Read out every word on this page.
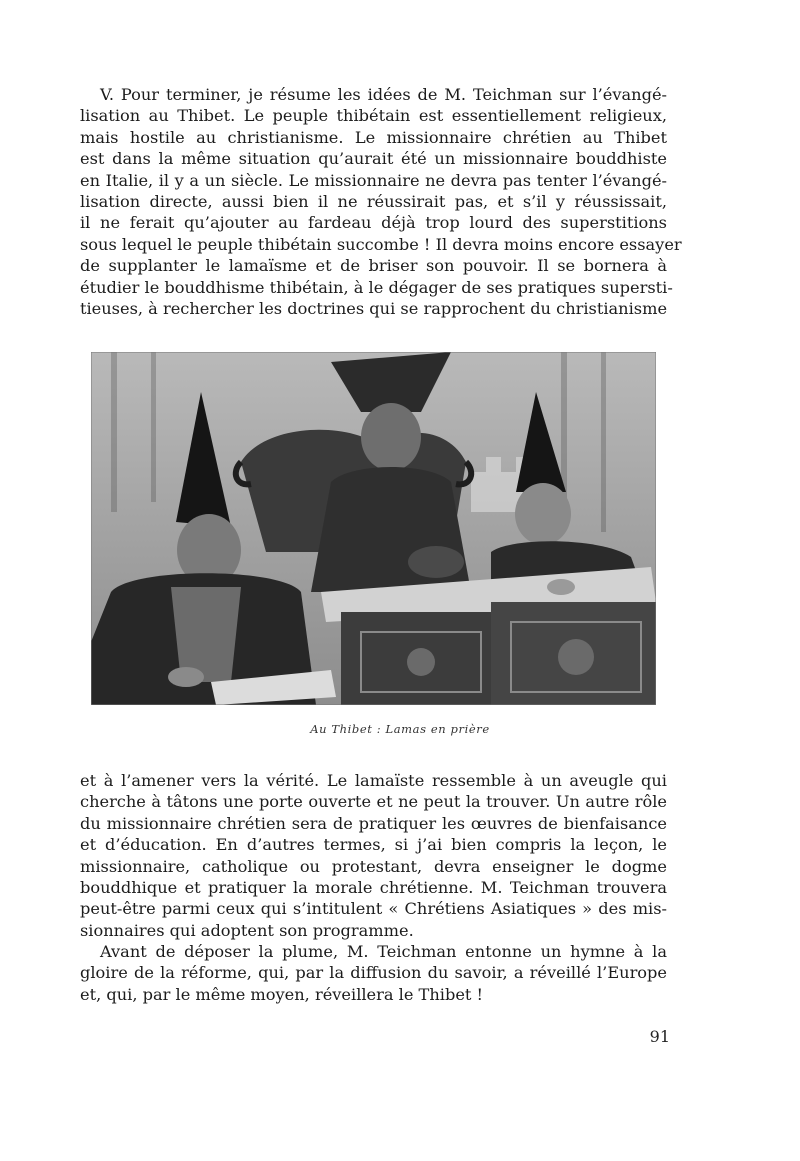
V. Pour terminer, je résume les idées de M. Teichman sur l’évangé-
lisation au Thibet. Le peuple thibétain est essentiellement religieux,
mais hostile au christianisme. Le missionnaire chrétien au Thibet
est dans la même situation qu’aurait été un missionnaire bouddhiste
en Italie, il y a un siècle. Le missionnaire ne devra pas tenter l’évangé-
lisation directe, aussi bien il ne réussirait pas, et s’il y réussissait,
il ne ferait qu’ajouter au fardeau déjà trop lourd des superstitions
sous lequel le peuple thibétain succombe ! Il devra moins encore essayer
de supplanter le lamaïsme et de briser son pouvoir. Il se bornera à
étudier le bouddhisme thibétain, à le dégager de ses pratiques supersti-
tieuses, à rechercher les doctrines qui se rapprochent du christianisme

Au Thibet : Lamas en prière

et à l’amener vers la vérité. Le lamaïste ressemble à un aveugle qui
cherche à tâtons une porte ouverte et ne peut la trouver. Un autre rôle
du missionnaire chrétien sera de pratiquer les œuvres de bienfaisance
et d’éducation. En d’autres termes, si j’ai bien compris la leçon, le
missionnaire, catholique ou protestant, devra enseigner le dogme
bouddhique et pratiquer la morale chrétienne. M. Teichman trouvera
peut-être parmi ceux qui s’intitulent « Chrétiens Asiatiques » des mis-
sionnaires qui adoptent son programme.

Avant de déposer la plume, M. Teichman entonne un hymne à la
gloire de la réforme, qui, par la diffusion du savoir, a réveillé l’Europe
et, qui, par le même moyen, réveillera le Thibet !

91
